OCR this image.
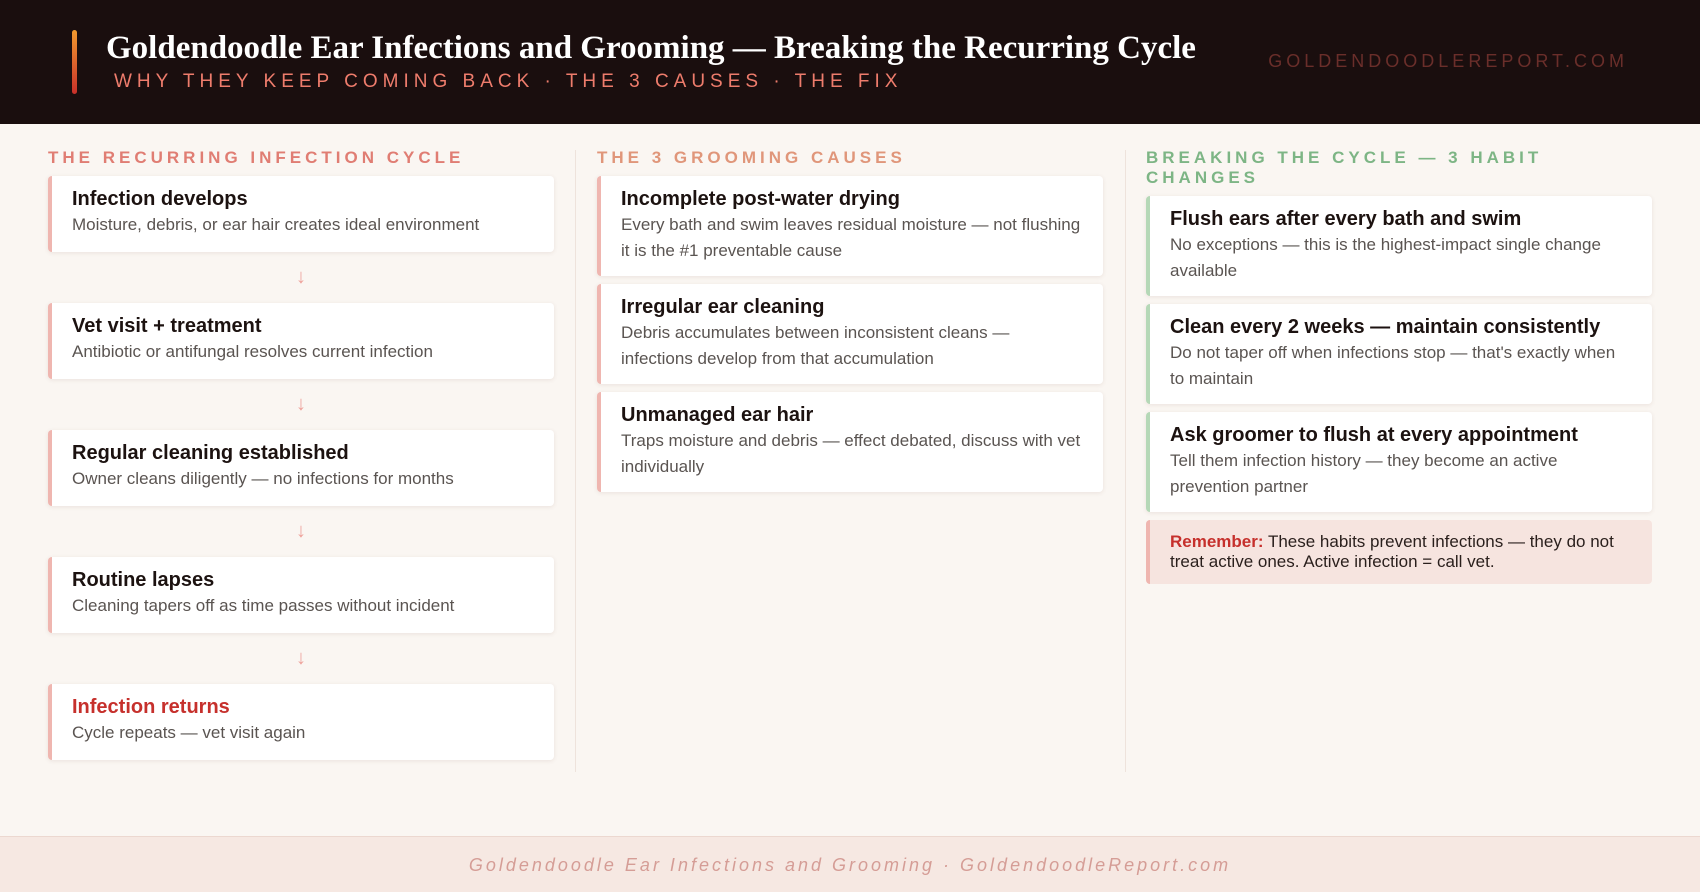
Goldendoodle Ear Infections and Grooming — Breaking the Recurring Cycle
WHY THEY KEEP COMING BACK · THE 3 CAUSES · THE FIX
GOLDENDOODLEREPORT.COM
THE RECURRING INFECTION CYCLE
Infection develops
Moisture, debris, or ear hair creates ideal environment
↓
Vet visit + treatment
Antibiotic or antifungal resolves current infection
↓
Regular cleaning established
Owner cleans diligently — no infections for months
↓
Routine lapses
Cleaning tapers off as time passes without incident
↓
Infection returns
Cycle repeats — vet visit again
THE 3 GROOMING CAUSES
Incomplete post-water drying
Every bath and swim leaves residual moisture — not flushing it is the #1 preventable cause
Irregular ear cleaning
Debris accumulates between inconsistent cleans — infections develop from that accumulation
Unmanaged ear hair
Traps moisture and debris — effect debated, discuss with vet individually
BREAKING THE CYCLE — 3 HABIT CHANGES
Flush ears after every bath and swim
No exceptions — this is the highest-impact single change available
Clean every 2 weeks — maintain consistently
Do not taper off when infections stop — that's exactly when to maintain
Ask groomer to flush at every appointment
Tell them infection history — they become an active prevention partner
Remember: These habits prevent infections — they do not treat active ones. Active infection = call vet.
Goldendoodle Ear Infections and Grooming · GoldendoodleReport.com
